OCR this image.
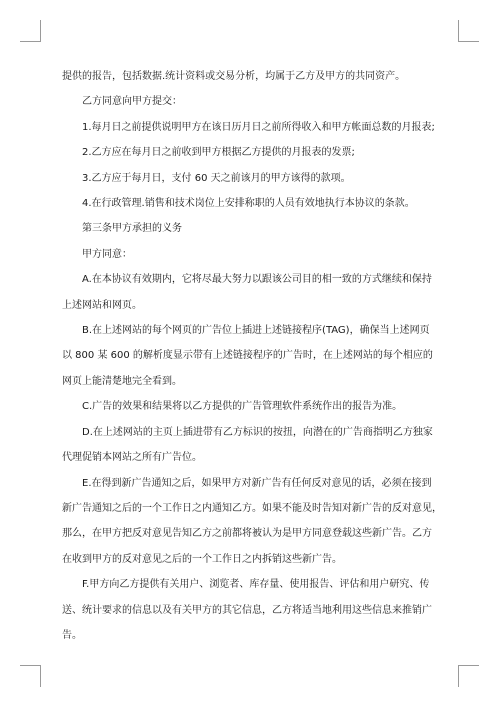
提供的报告，包括数据.统计资料或交易分析，均属于乙方及甲方的共同资产。
乙方同意向甲方提交：
1.每月日之前提供说明甲方在该日历月日之前所得收入和甲方帐面总数的月报表;
2.乙方应在每月日之前收到甲方根据乙方提供的月报表的发票;
3.乙方应于每月日，支付 60 天之前该月的甲方该得的款项。
4.在行政管理.销售和技术岗位上安排称职的人员有效地执行本协议的条款。
第三条甲方承担的义务
甲方同意：
A.在本协议有效期内，它将尽最大努力以跟该公司目的相一致的方式继续和保持
上述网站和网页。
B.在上述网站的每个网页的广告位上插进上述链接程序(TAG)，确保当上述网页
以 800 某 600 的解析度显示带有上述链接程序的广告时，在上述网站的每个相应的
网页上能清楚地完全看到。
C.广告的效果和结果将以乙方提供的广告管理软件系统作出的报告为准。
D.在上述网站的主页上插进带有乙方标识的按扭，向潜在的广告商指明乙方独家
代理促销本网站之所有广告位。
E.在得到新广告通知之后，如果甲方对新广告有任何反对意见的话，必须在接到
新广告通知之后的一个工作日之内通知乙方。如果不能及时告知对新广告的反对意见，
那么，在甲方把反对意见告知乙方之前都将被认为是甲方同意登载这些新广告。乙方
在收到甲方的反对意见之后的一个工作日之内拆销这些新广告。
F.甲方向乙方提供有关用户、浏览者、库存量、使用报告、评估和用户研究、传
送、统计要求的信息以及有关甲方的其它信息，乙方将适当地利用这些信息来推销广
告。
